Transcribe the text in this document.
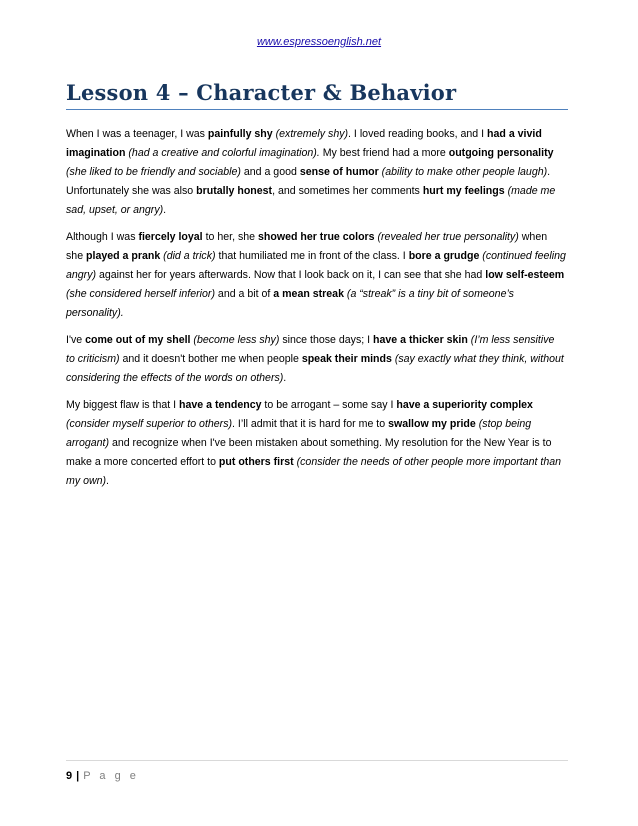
www.espressoenglish.net
Lesson 4 – Character & Behavior

When I was a teenager, I was painfully shy (extremely shy). I loved reading books, and I had a vivid imagination (had a creative and colorful imagination). My best friend had a more outgoing personality (she liked to be friendly and sociable) and a good sense of humor (ability to make other people laugh). Unfortunately she was also brutally honest, and sometimes her comments hurt my feelings (made me sad, upset, or angry).

Although I was fiercely loyal to her, she showed her true colors (revealed her true personality) when she played a prank (did a trick) that humiliated me in front of the class. I bore a grudge (continued feeling angry) against her for years afterwards. Now that I look back on it, I can see that she had low self-esteem (she considered herself inferior) and a bit of a mean streak (a “streak” is a tiny bit of someone’s personality).

I've come out of my shell (become less shy) since those days; I have a thicker skin (I’m less sensitive to criticism) and it doesn't bother me when people speak their minds (say exactly what they think, without considering the effects of the words on others).

My biggest flaw is that I have a tendency to be arrogant – some say I have a superiority complex (consider myself superior to others). I’ll admit that it is hard for me to swallow my pride (stop being arrogant) and recognize when I've been mistaken about something. My resolution for the New Year is to make a more concerted effort to put others first (consider the needs of other people more important than my own).

9 | P a g e
